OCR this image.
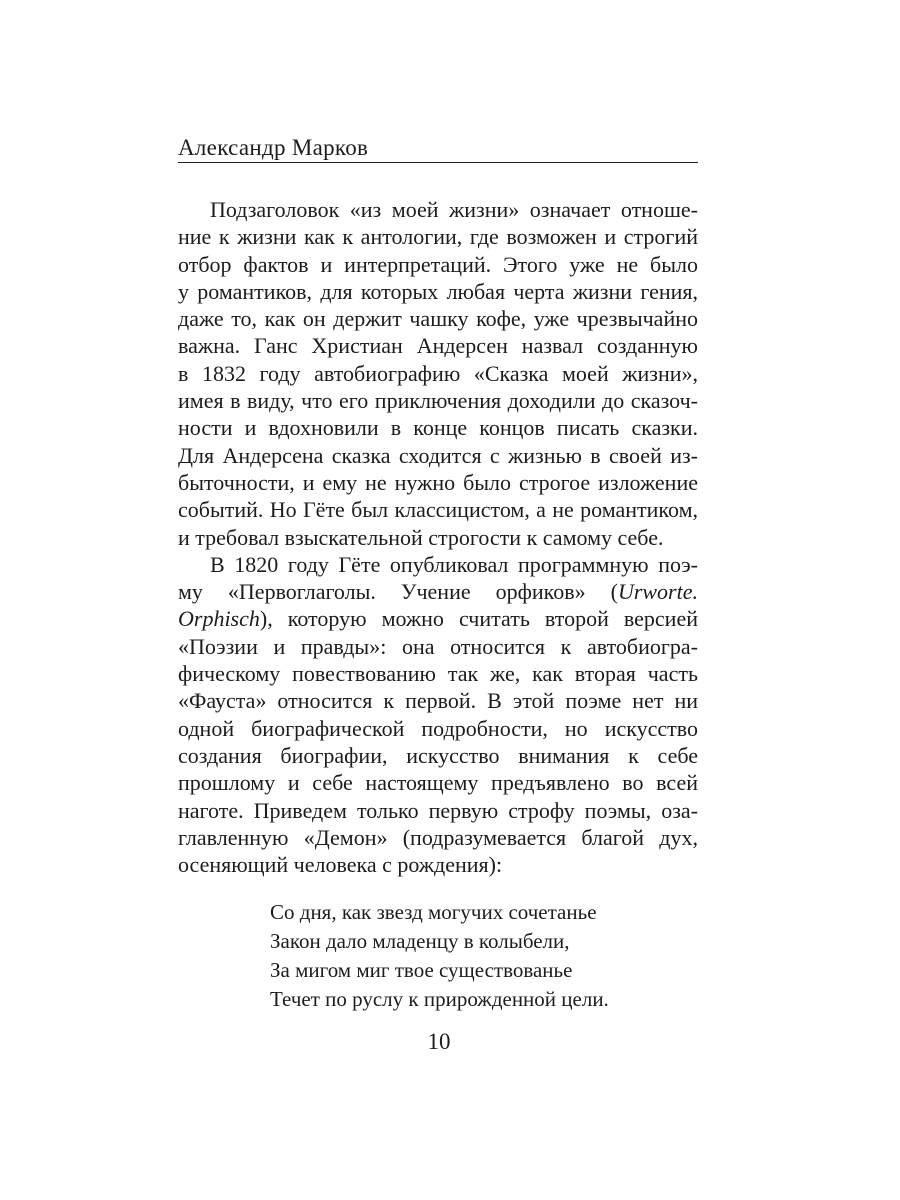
Александр Марков
Подзаголовок «из моей жизни» означает отноше-
ние к жизни как к антологии, где возможен и строгий
отбор фактов и интерпретаций. Этого уже не было
у романтиков, для которых любая черта жизни гения,
даже то, как он держит чашку кофе, уже чрезвычайно
важна. Ганс Христиан Андерсен назвал созданную
в 1832 году автобиографию «Сказка моей жизни»,
имея в виду, что его приключения доходили до сказоч-
ности и вдохновили в конце концов писать сказки.
Для Андерсена сказка сходится с жизнью в своей из-
быточности, и ему не нужно было строгое изложение
событий. Но Гёте был классицистом, а не романтиком,
и требовал взыскательной строгости к самому себе.
В 1820 году Гёте опубликовал программную поэ-
му «Первоглаголы. Учение орфиков» (Urworte.
Orphisch), которую можно считать второй версией
«Поэзии и правды»: она относится к автобиогра-
фическому повествованию так же, как вторая часть
«Фауста» относится к первой. В этой поэме нет ни
одной биографической подробности, но искусство
создания биографии, искусство внимания к себе
прошлому и себе настоящему предъявлено во всей
наготе. Приведем только первую строфу поэмы, оза-
главленную «Демон» (подразумевается благой дух,
осеняющий человека с рождения):
Со дня, как звезд могучих сочетанье
Закон дало младенцу в колыбели,
За мигом миг твое существованье
Течет по руслу к прирожденной цели.
10
